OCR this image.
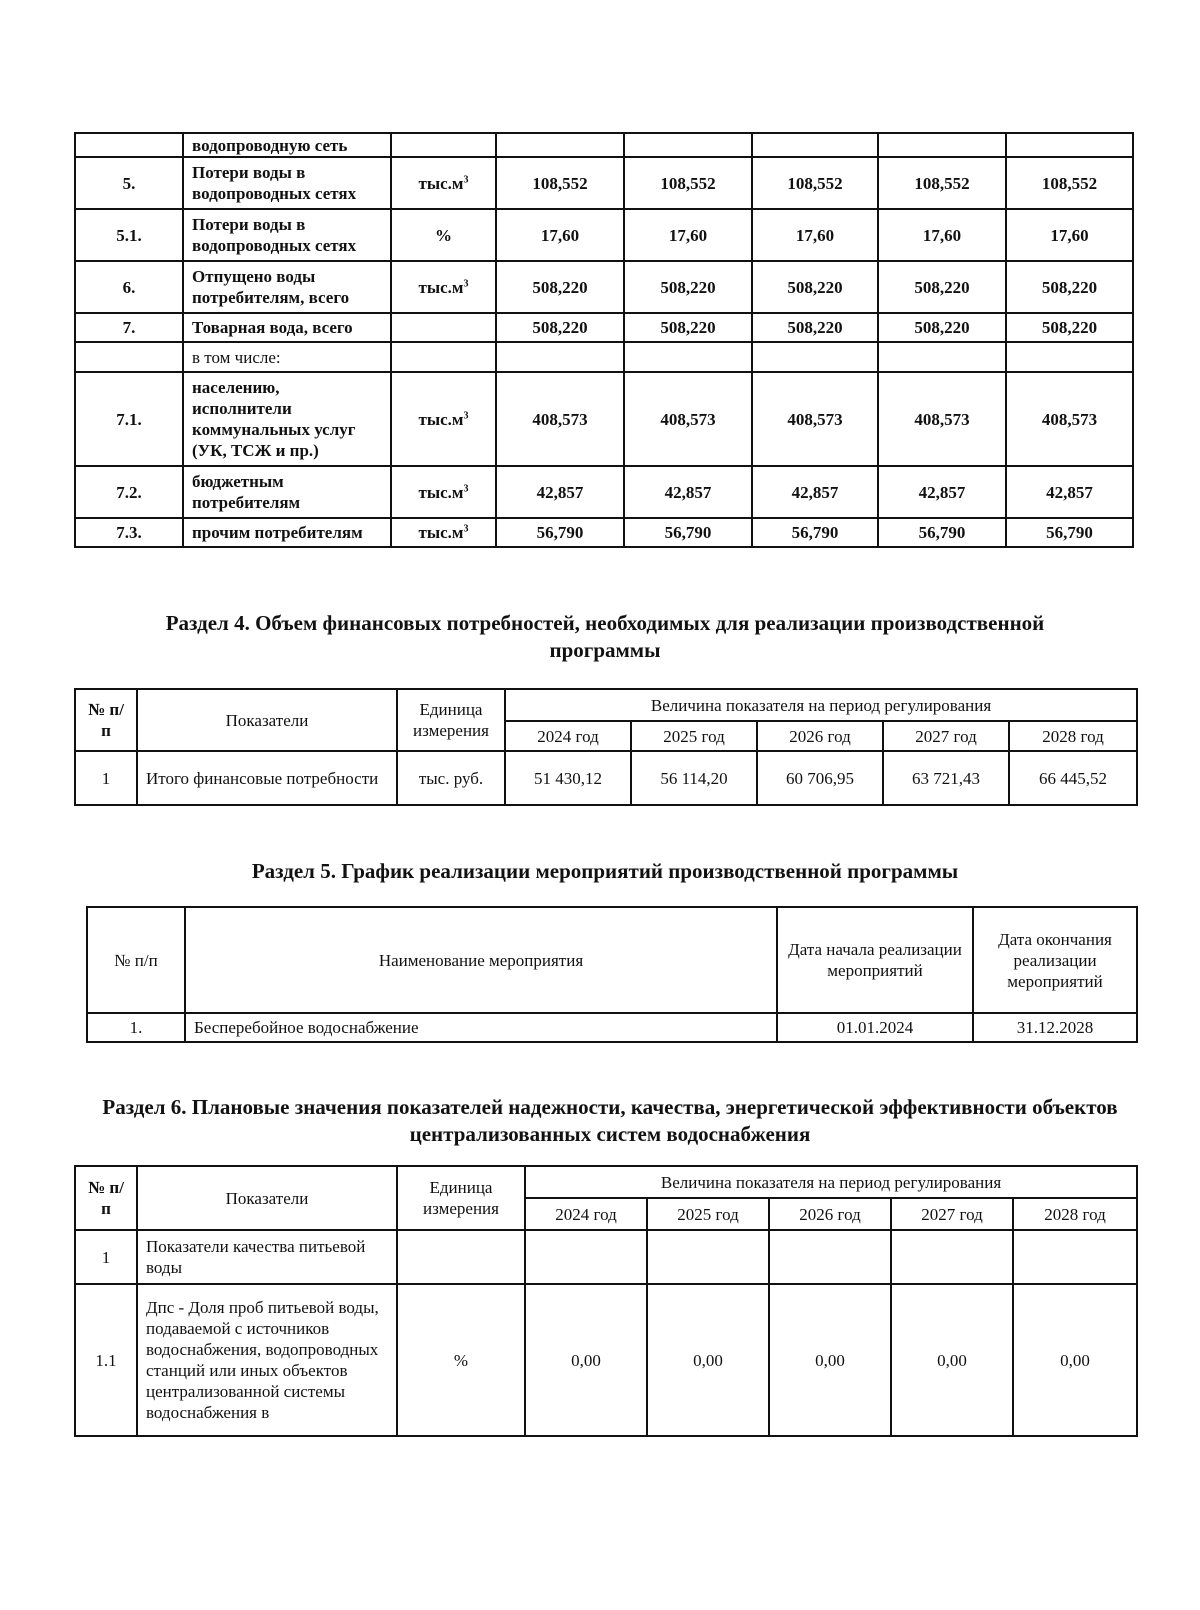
	водопроводную сеть						
5.	Потери воды в водопроводных сетях	$тыс.м^3$	108,552	108,552	108,552	108,552	108,552
5.1.	Потери воды в водопроводных сетях	%	17,60	17,60	17,60	17,60	17,60
6.	Отпущено воды потребителям, всего	$тыс.м^3$	508,220	508,220	508,220	508,220	508,220
7.	Товарная вода, всего		508,220	508,220	508,220	508,220	508,220
	в том числе:						
7.1.	населению, исполнители коммунальных услуг (УК, ТСЖ и пр.)	$тыс.м^3$	408,573	408,573	408,573	408,573	408,573
7.2.	бюджетным потребителям	$тыс.м^3$	42,857	42,857	42,857	42,857	42,857
7.3.	прочим потребителям	$тыс.м^3$	56,790	56,790	56,790	56,790	56,790
Раздел 4. Объем финансовых потребностей, необходимых для реализации производственной программы
№ п/п	Показатели	Единица измерения	Величина показателя на период регулирования				
			2024 год	2025 год	2026 год	2027 год	2028 год
1	Итого финансовые потребности	тыс. руб.	51 430,12	56 114,20	60 706,95	63 721,43	66 445,52
Раздел 5. График реализации мероприятий производственной программы
№ п/п	Наименование мероприятия	Дата начала реализации мероприятий	Дата окончания реализации мероприятий
1.	Бесперебойное водоснабжение	01.01.2024	31.12.2028
Раздел 6. Плановые значения показателей надежности, качества, энергетической эффективности объектов централизованных систем водоснабжения
№ п/п	Показатели	Единица измерения	Величина показателя на период регулирования				
			2024 год	2025 год	2026 год	2027 год	2028 год
1	Показатели качества питьевой воды						
1.1	Дпс - Доля проб питьевой воды, подаваемой с источников водоснабжения, водопроводных станций или иных объектов централизованной системы водоснабжения в	%	0,00	0,00	0,00	0,00	0,00
